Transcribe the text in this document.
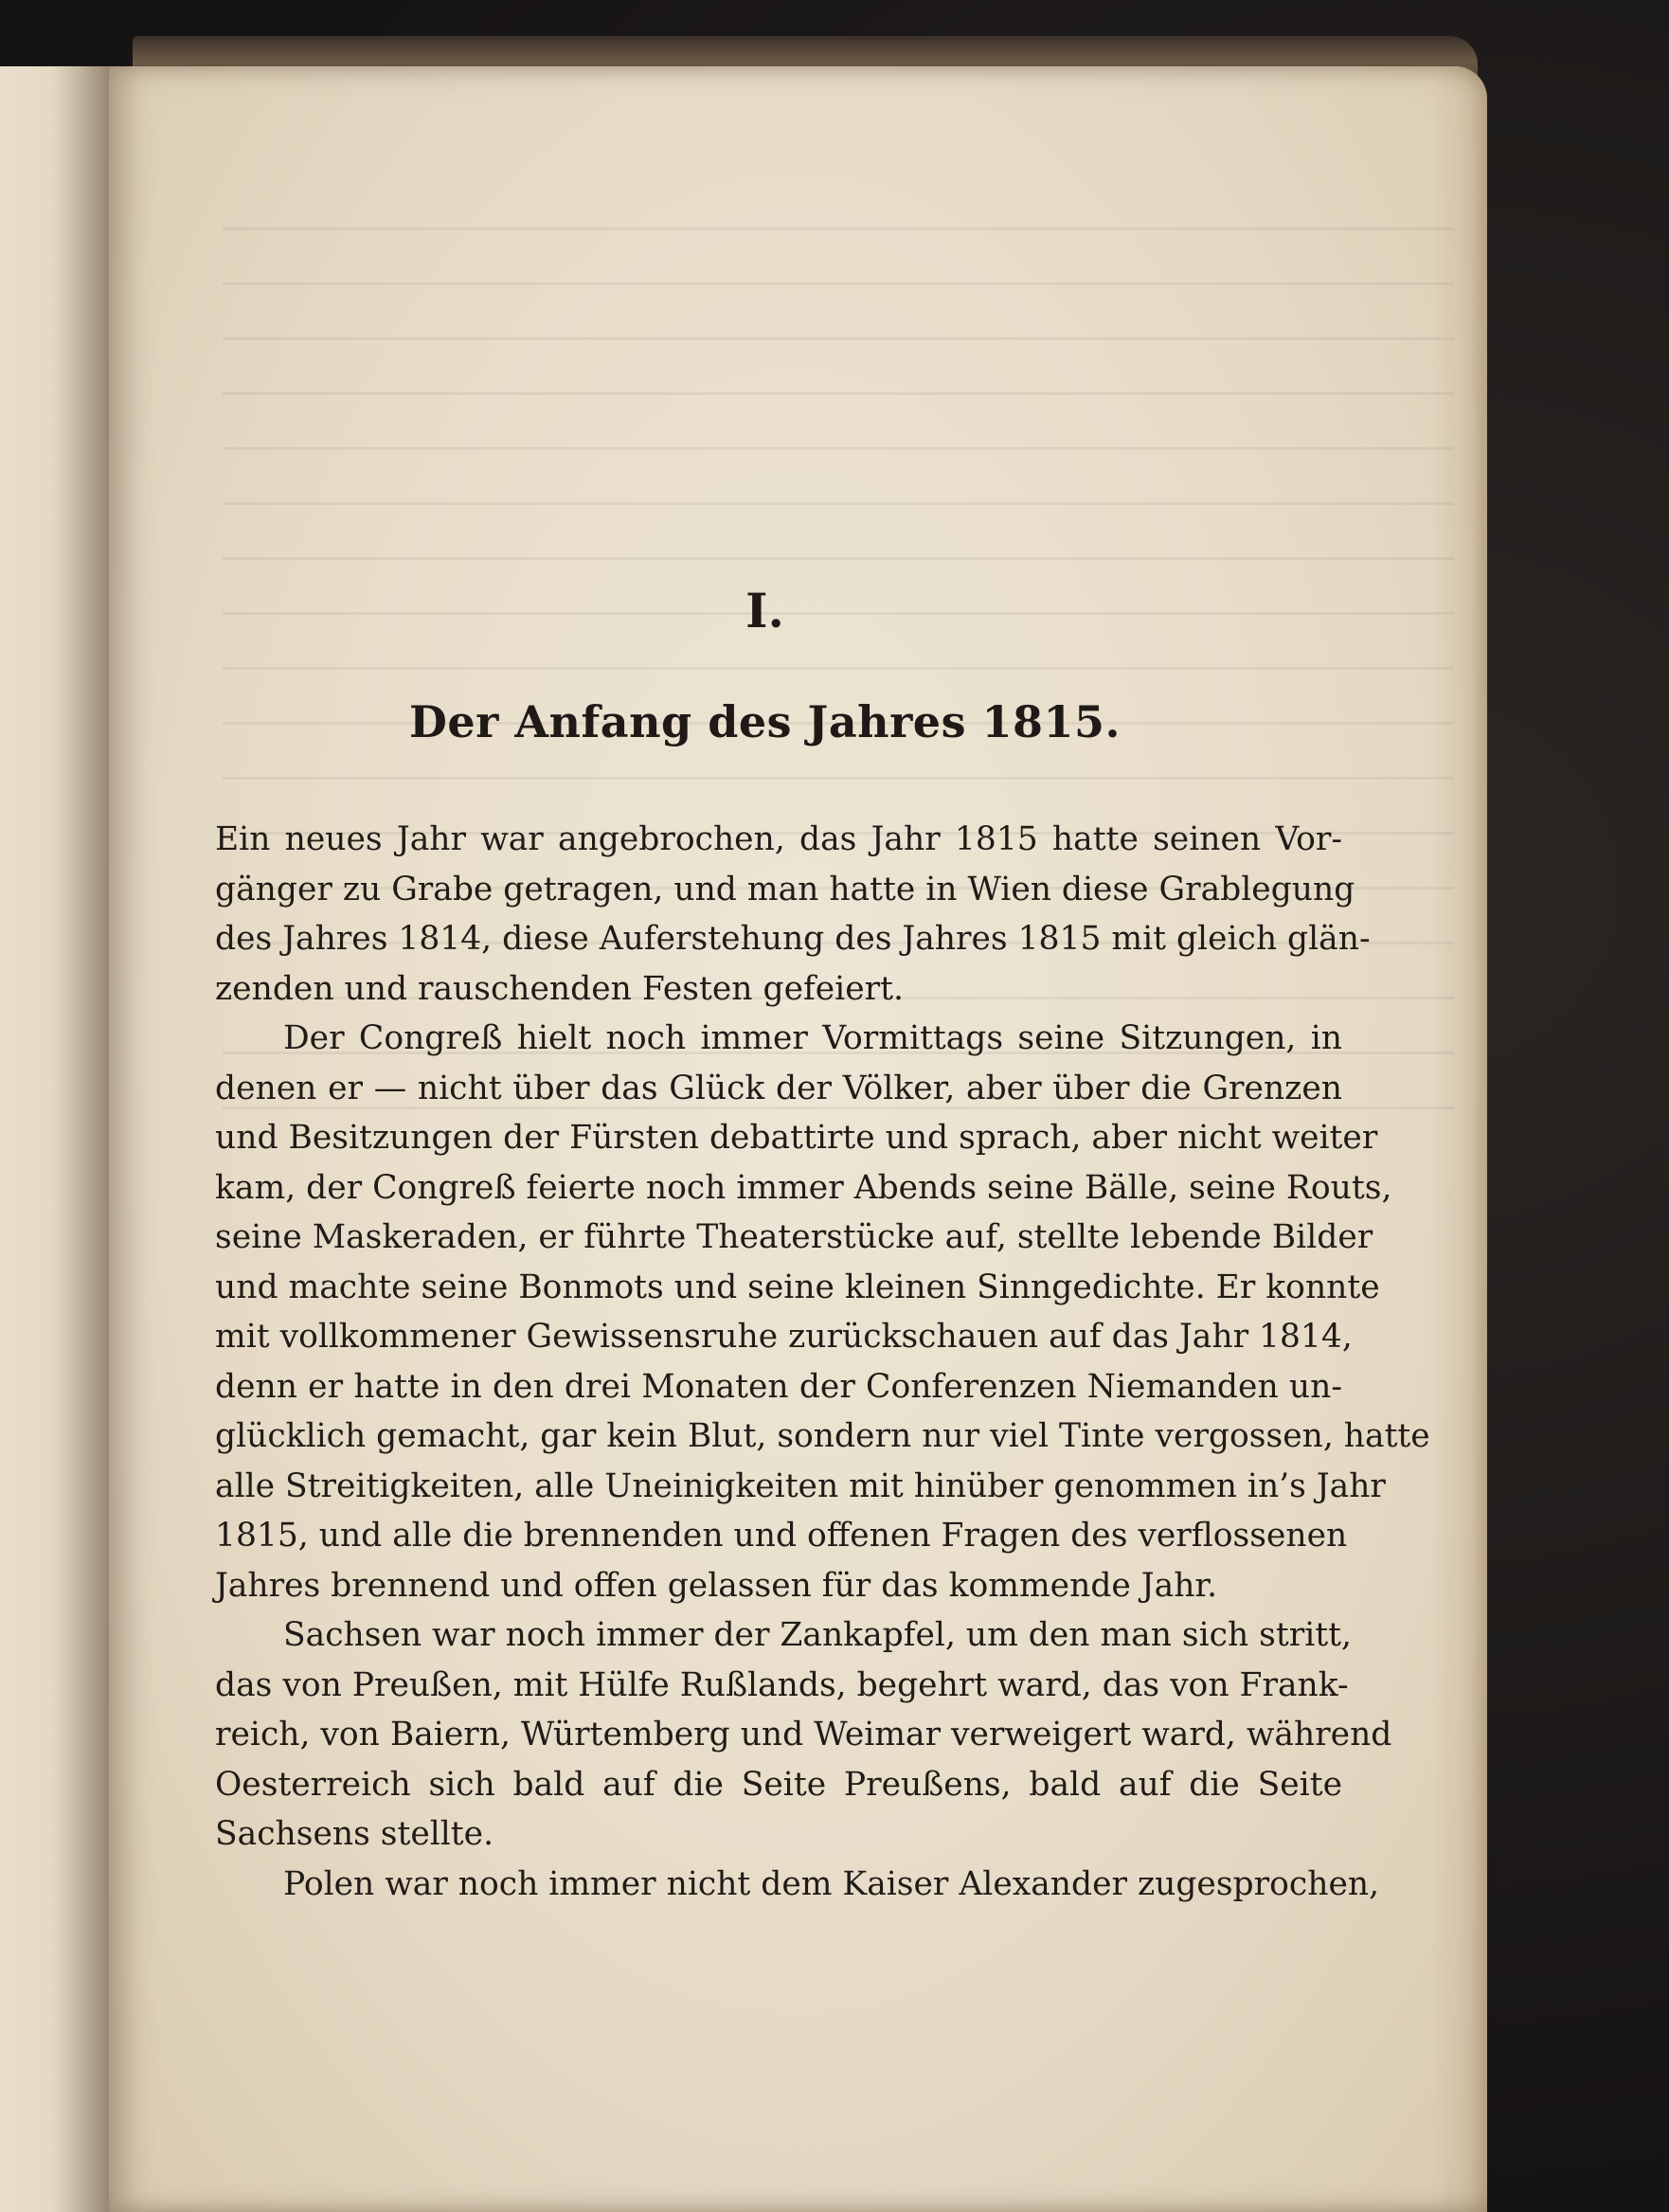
I.
Der Anfang des Jahres 1815.
Ein neues Jahr war angebrochen, das Jahr 1815 hatte seinen Vor-
gänger zu Grabe getragen, und man hatte in Wien diese Grablegung
des Jahres 1814, diese Auferstehung des Jahres 1815 mit gleich glän-
zenden und rauschenden Festen gefeiert.
Der Congreß hielt noch immer Vormittags seine Sitzungen, in
denen er — nicht über das Glück der Völker, aber über die Grenzen
und Besitzungen der Fürsten debattirte und sprach, aber nicht weiter
kam, der Congreß feierte noch immer Abends seine Bälle, seine Routs,
seine Maskeraden, er führte Theaterstücke auf, stellte lebende Bilder
und machte seine Bonmots und seine kleinen Sinngedichte. Er konnte
mit vollkommener Gewissensruhe zurückschauen auf das Jahr 1814,
denn er hatte in den drei Monaten der Conferenzen Niemanden un-
glücklich gemacht, gar kein Blut, sondern nur viel Tinte vergossen, hatte
alle Streitigkeiten, alle Uneinigkeiten mit hinüber genommen in’s Jahr
1815, und alle die brennenden und offenen Fragen des verflossenen
Jahres brennend und offen gelassen für das kommende Jahr.
Sachsen war noch immer der Zankapfel, um den man sich stritt,
das von Preußen, mit Hülfe Rußlands, begehrt ward, das von Frank-
reich, von Baiern, Würtemberg und Weimar verweigert ward, während
Oesterreich sich bald auf die Seite Preußens, bald auf die Seite
Sachsens stellte.
Polen war noch immer nicht dem Kaiser Alexander zugesprochen,
